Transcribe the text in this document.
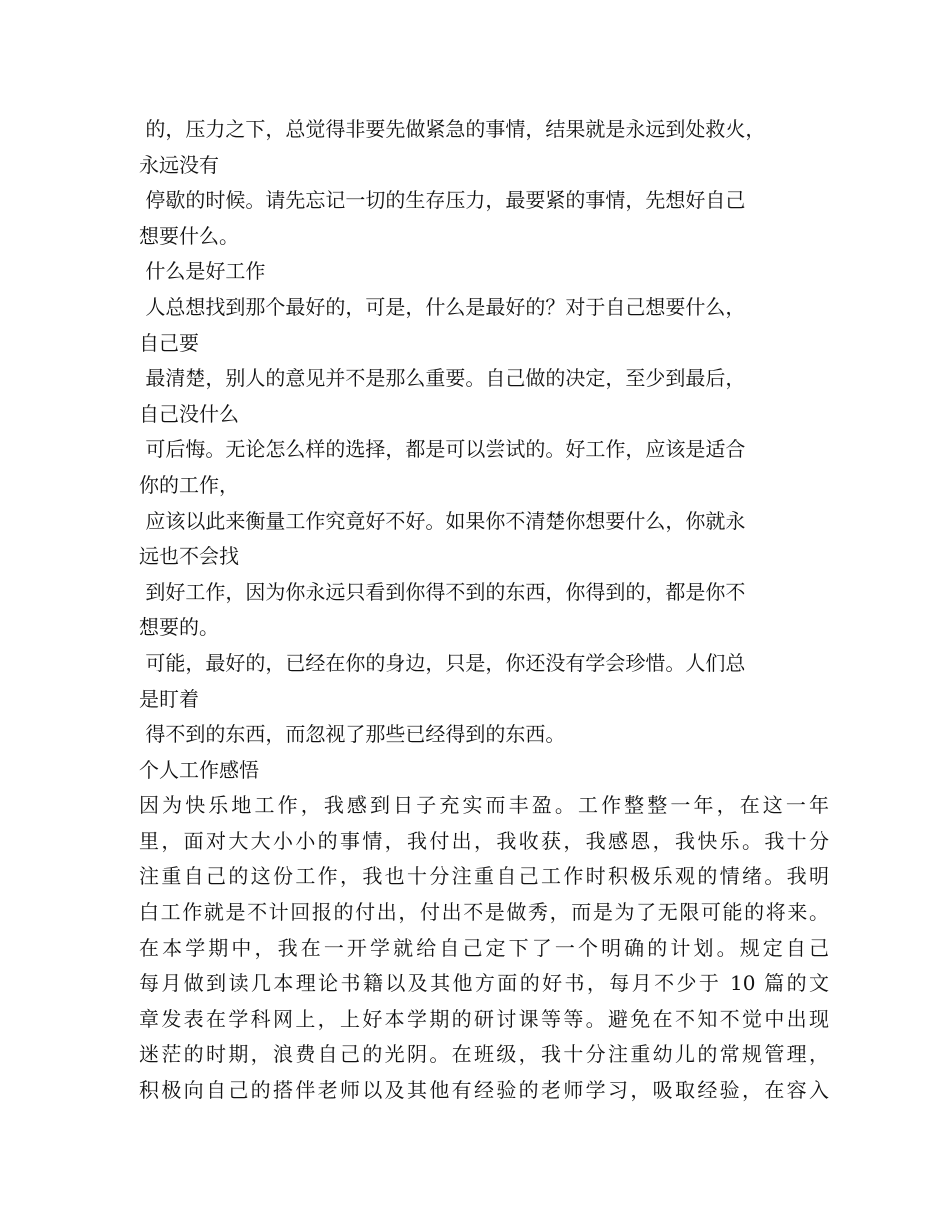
的，压力之下，总觉得非要先做紧急的事情，结果就是永远到处救火，
永远没有
停歇的时候。请先忘记一切的生存压力，最要紧的事情，先想好自己
想要什么。
什么是好工作
人总想找到那个最好的，可是，什么是最好的？对于自己想要什么，
自己要
最清楚，别人的意见并不是那么重要。自己做的决定，至少到最后，
自己没什么
可后悔。无论怎么样的选择，都是可以尝试的。好工作，应该是适合
你的工作，
应该以此来衡量工作究竟好不好。如果你不清楚你想要什么，你就永
远也不会找
到好工作，因为你永远只看到你得不到的东西，你得到的，都是你不
想要的。
可能，最好的，已经在你的身边，只是，你还没有学会珍惜。人们总
是盯着
得不到的东西，而忽视了那些已经得到的东西。
个人工作感悟
因为快乐地工作，我感到日子充实而丰盈。工作整整一年，在这一年
里，面对大大小小的事情，我付出，我收获，我感恩，我快乐。我十分
注重自己的这份工作，我也十分注重自己工作时积极乐观的情绪。我明
白工作就是不计回报的付出，付出不是做秀，而是为了无限可能的将来。
在本学期中，我在一开学就给自己定下了一个明确的计划。规定自己
每月做到读几本理论书籍以及其他方面的好书，每月不少于 10 篇的文
章发表在学科网上，上好本学期的研讨课等等。避免在不知不觉中出现
迷茫的时期，浪费自己的光阴。在班级，我十分注重幼儿的常规管理，
积极向自己的搭伴老师以及其他有经验的老师学习，吸取经验，在容入
